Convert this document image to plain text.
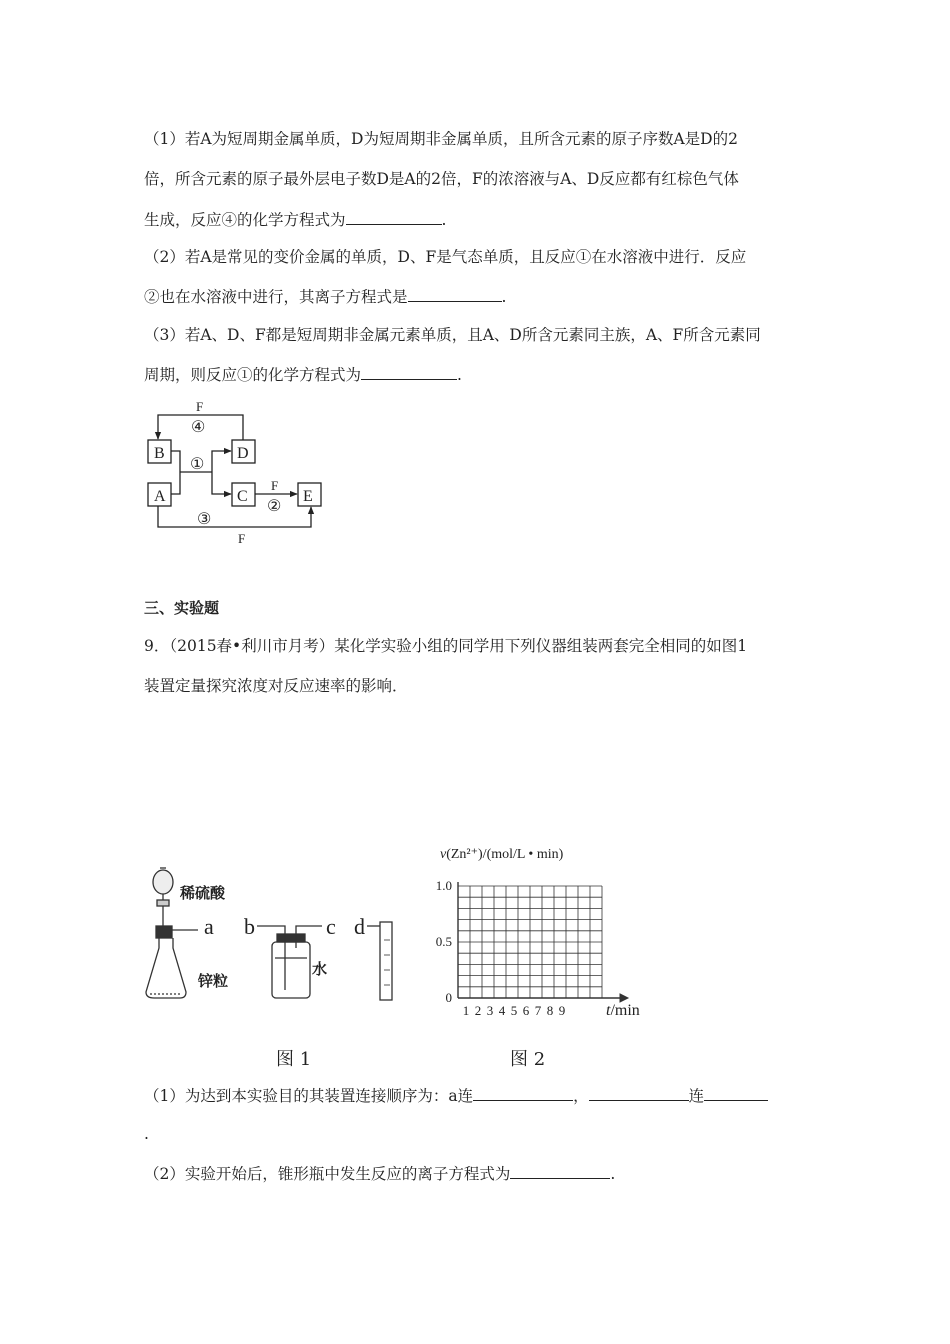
（1）若A为短周期金属单质，D为短周期非金属单质，且所含元素的原子序数A是D的2
倍，所含元素的原子最外层电子数D是A的2倍，F的浓溶液与A、D反应都有红棕色气体
生成，反应④的化学方程式为	.
（2）若A是常见的变价金属的单质，D、F是气态单质，且反应①在水溶液中进行．反应
②也在水溶液中进行，其离子方程式是	.
（3）若A、D、F都是短周期非金属元素单质，且A、D所含元素同主族，A、F所含元素同
周期，则反应①的化学方程式为	.
B	D
A	C	E
F
④
①
F
②
③
F
三、实验题
9．（2015春•利川市月考）某化学实验小组的同学用下列仪器组装两套完全相同的如图1
装置定量探究浓度对反应速率的影响．
稀硫酸
锌粒
水
a b	c d
v(Zn²⁺)/(mol/L • min)
t/min
0
0.5
1.0
1 2 3 4 5 6 7 8 9
图 1	图 2
（1）为达到本实验目的其装置连接顺序为：a连	，	连
.
（2）实验开始后，锥形瓶中发生反应的离子方程式为	.
